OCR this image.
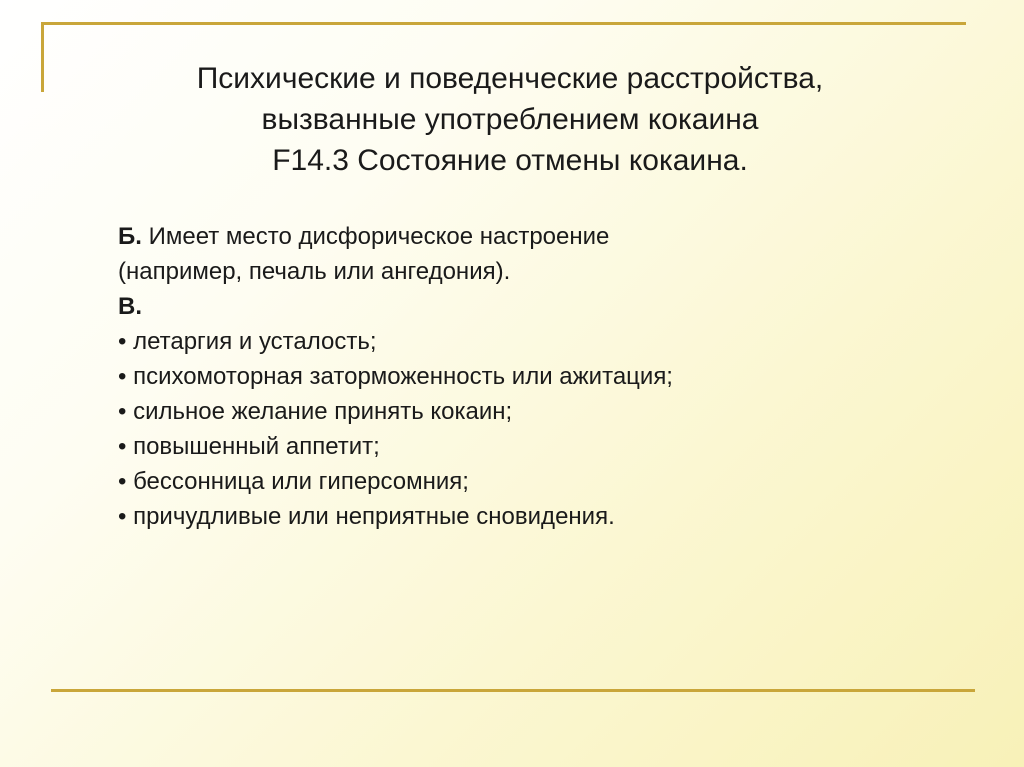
Психические и поведенческие расстройства,
вызванные употреблением кокаина
F14.3 Состояние отмены кокаина.
Б. Имеет место дисфорическое настроение
(например, печаль или ангедония).
В.
• летаргия и усталость;
• психомоторная заторможенность или ажитация;
• сильное желание принять кокаин;
• повышенный аппетит;
• бессонница или гиперсомния;
• причудливые или неприятные сновидения.
